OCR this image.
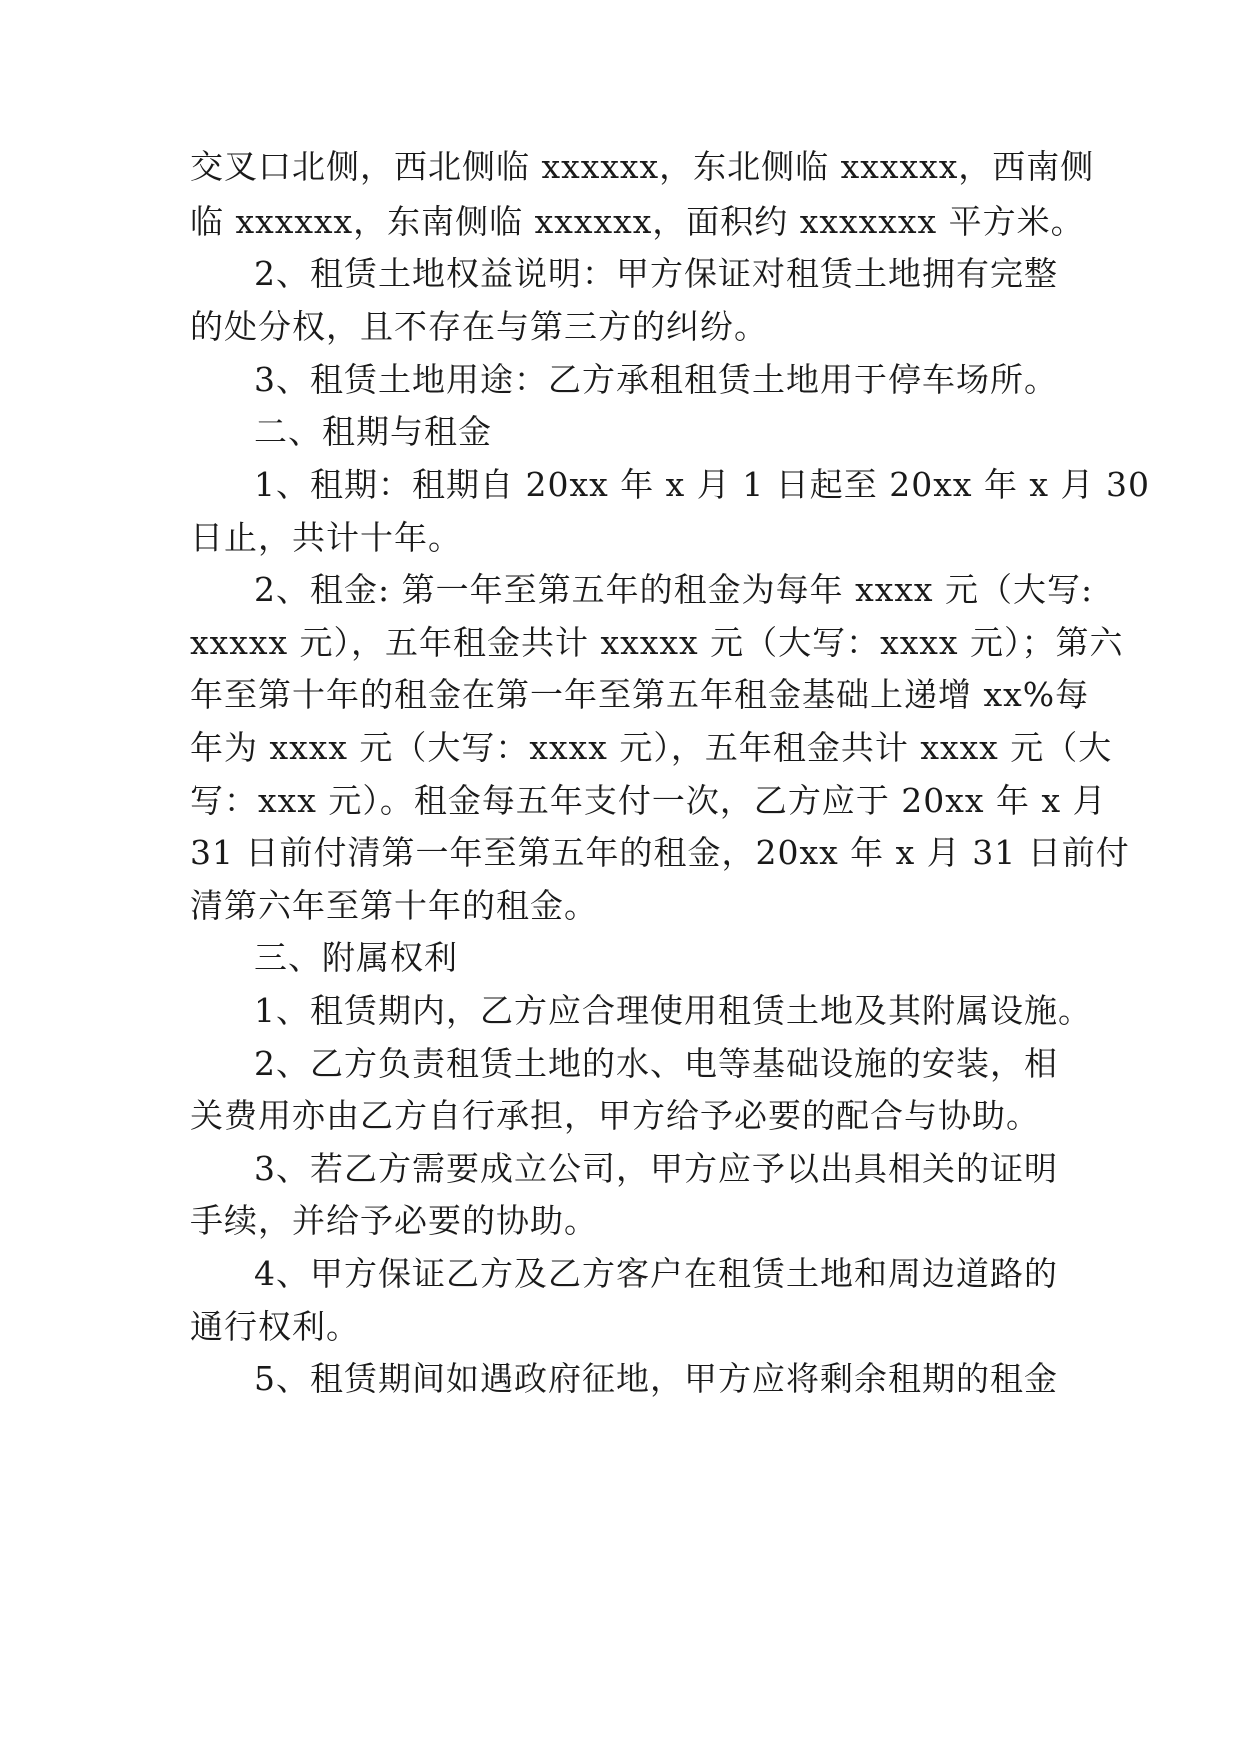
交叉口北侧，西北侧临 xxxxxx，东北侧临 xxxxxx，西南侧
临 xxxxxx，东南侧临 xxxxxx，面积约 xxxxxxx 平方米。
2、租赁土地权益说明：甲方保证对租赁土地拥有完整
的处分权，且不存在与第三方的纠纷。
3、租赁土地用途：乙方承租租赁土地用于停车场所。
二、租期与租金
1、租期：租期自 20xx 年 x 月 1 日起至 20xx 年 x 月 30
日止，共计十年。
2、租金: 第一年至第五年的租金为每年 xxxx 元（大写:
xxxxx 元），五年租金共计 xxxxx 元（大写：xxxx 元）；第六
年至第十年的租金在第一年至第五年租金基础上递增 xx%每
年为 xxxx 元（大写：xxxx 元），五年租金共计 xxxx 元（大
写：xxx 元）。租金每五年支付一次，乙方应于 20xx 年 x 月
31 日前付清第一年至第五年的租金，20xx 年 x 月 31 日前付
清第六年至第十年的租金。
三、附属权利
1、租赁期内，乙方应合理使用租赁土地及其附属设施。
2、乙方负责租赁土地的水、电等基础设施的安装，相
关费用亦由乙方自行承担，甲方给予必要的配合与协助。
3、若乙方需要成立公司，甲方应予以出具相关的证明
手续，并给予必要的协助。
4、甲方保证乙方及乙方客户在租赁土地和周边道路的
通行权利。
5、租赁期间如遇政府征地，甲方应将剩余租期的租金
